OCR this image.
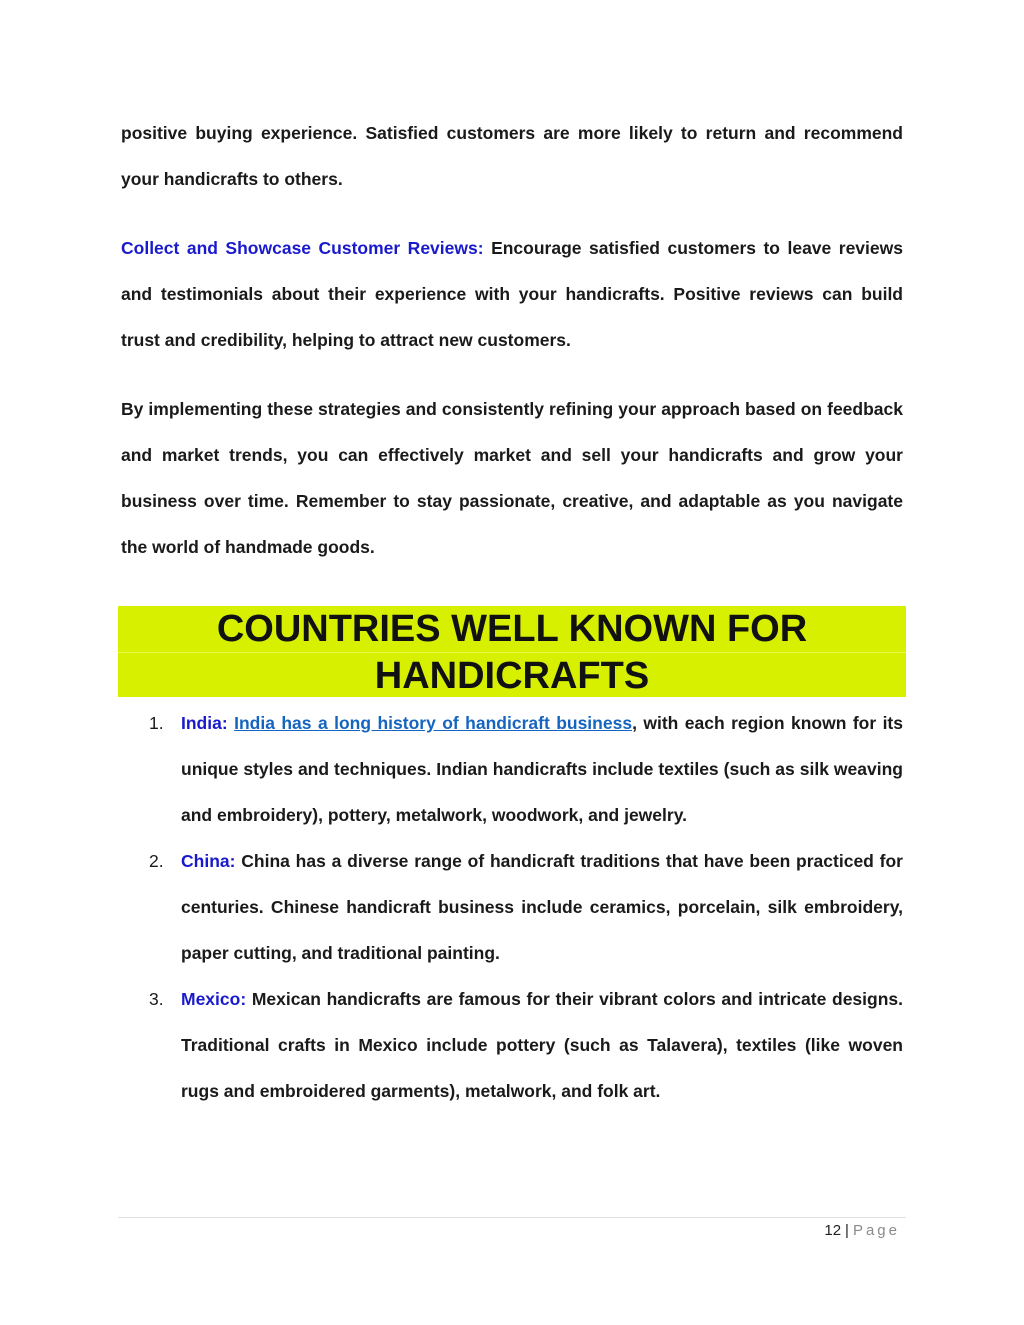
positive buying experience. Satisfied customers are more likely to return and recommend your handicrafts to others.

Collect and Showcase Customer Reviews: Encourage satisfied customers to leave reviews and testimonials about their experience with your handicrafts. Positive reviews can build trust and credibility, helping to attract new customers.

By implementing these strategies and consistently refining your approach based on feedback and market trends, you can effectively market and sell your handicrafts and grow your business over time. Remember to stay passionate, creative, and adaptable as you navigate the world of handmade goods.

COUNTRIES WELL KNOWN FOR
HANDICRAFTS
1. India: India has a long history of handicraft business, with each region known for its unique styles and techniques. Indian handicrafts include textiles (such as silk weaving and embroidery), pottery, metalwork, woodwork, and jewelry.
2. China: China has a diverse range of handicraft traditions that have been practiced for centuries. Chinese handicraft business include ceramics, porcelain, silk embroidery, paper cutting, and traditional painting.
3. Mexico: Mexican handicrafts are famous for their vibrant colors and intricate designs. Traditional crafts in Mexico include pottery (such as Talavera), textiles (like woven rugs and embroidered garments), metalwork, and folk art.
12 | Page
